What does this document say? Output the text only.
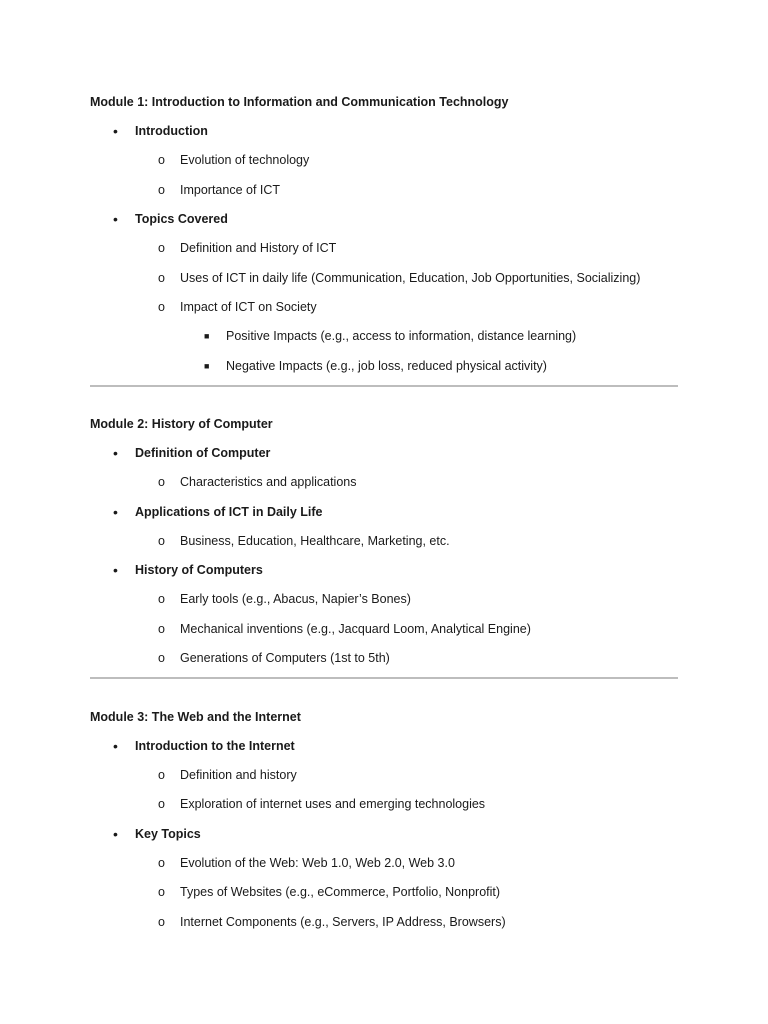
Module 1: Introduction to Information and Communication Technology
• Introduction
o Evolution of technology
o Importance of ICT
• Topics Covered
o Definition and History of ICT
o Uses of ICT in daily life (Communication, Education, Job Opportunities, Socializing)
o Impact of ICT on Society
■ Positive Impacts (e.g., access to information, distance learning)
■ Negative Impacts (e.g., job loss, reduced physical activity)
Module 2: History of Computer
• Definition of Computer
o Characteristics and applications
• Applications of ICT in Daily Life
o Business, Education, Healthcare, Marketing, etc.
• History of Computers
o Early tools (e.g., Abacus, Napier’s Bones)
o Mechanical inventions (e.g., Jacquard Loom, Analytical Engine)
o Generations of Computers (1st to 5th)
Module 3: The Web and the Internet
• Introduction to the Internet
o Definition and history
o Exploration of internet uses and emerging technologies
• Key Topics
o Evolution of the Web: Web 1.0, Web 2.0, Web 3.0
o Types of Websites (e.g., eCommerce, Portfolio, Nonprofit)
o Internet Components (e.g., Servers, IP Address, Browsers)
